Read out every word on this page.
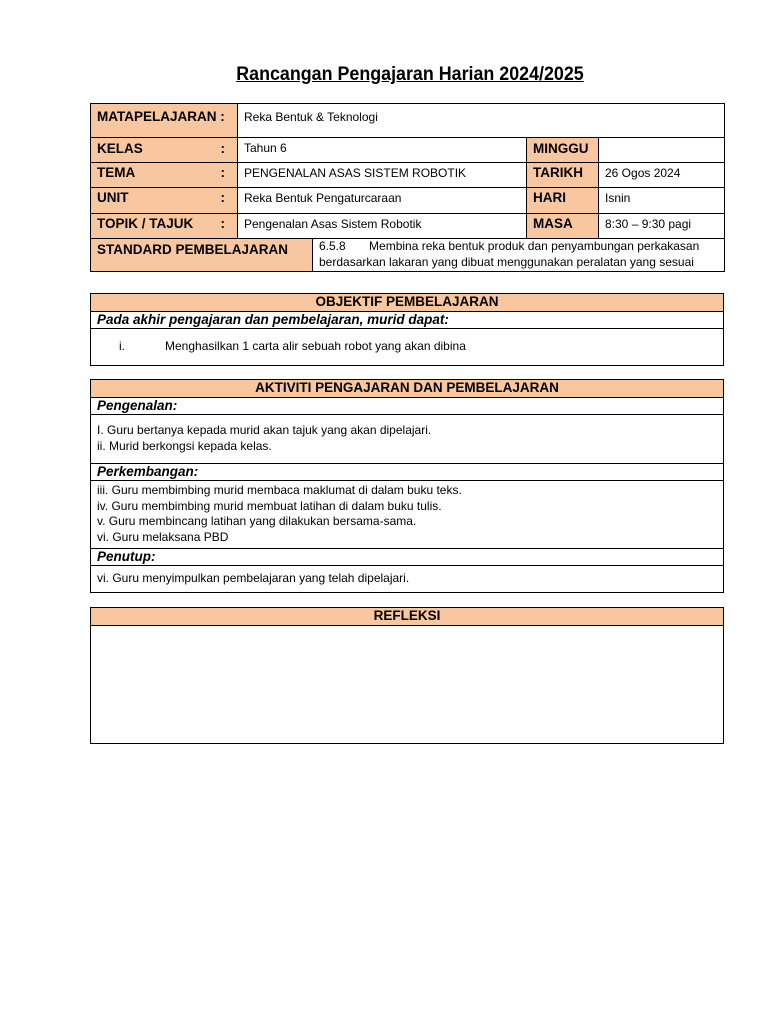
Rancangan Pengajaran Harian 2024/2025
MATAPELAJARAN :	Reka Bentuk & Teknologi		

KELAS :	Tahun 6	MINGGU	

TEMA :	PENGENALAN ASAS SISTEM ROBOTIK	TARIKH	26 Ogos 2024

UNIT :	Reka Bentuk Pengaturcaraan	HARI	Isnin

TOPIK / TAJUK :	Pengenalan Asas Sistem Robotik	MASA	8:30 – 9:30 pagi
STANDARD PEMBELAJARAN	6.5.8 Membina reka bentuk produk dan penyambungan perkakasan
berdasarkan lakaran yang dibuat menggunakan peralatan yang sesuai
OBJEKTIF PEMBELAJARAN
Pada akhir pengajaran dan pembelajaran, murid dapat:
i.	Menghasilkan 1 carta alir sebuah robot yang akan dibina
AKTIVITI PENGAJARAN DAN PEMBELAJARAN
Pengenalan:

I. Guru bertanya kepada murid akan tajuk yang akan dipelajari.
ii. Murid berkongsi kepada kelas.

Perkembangan:

iii. Guru membimbing murid membaca maklumat di dalam buku teks.
iv. Guru membimbing murid membuat latihan di dalam buku tulis.
v. Guru membincang latihan yang dilakukan bersama-sama.
vi. Guru melaksana PBD

Penutup:

vi. Guru menyimpulkan pembelajaran yang telah dipelajari.
REFLEKSI
